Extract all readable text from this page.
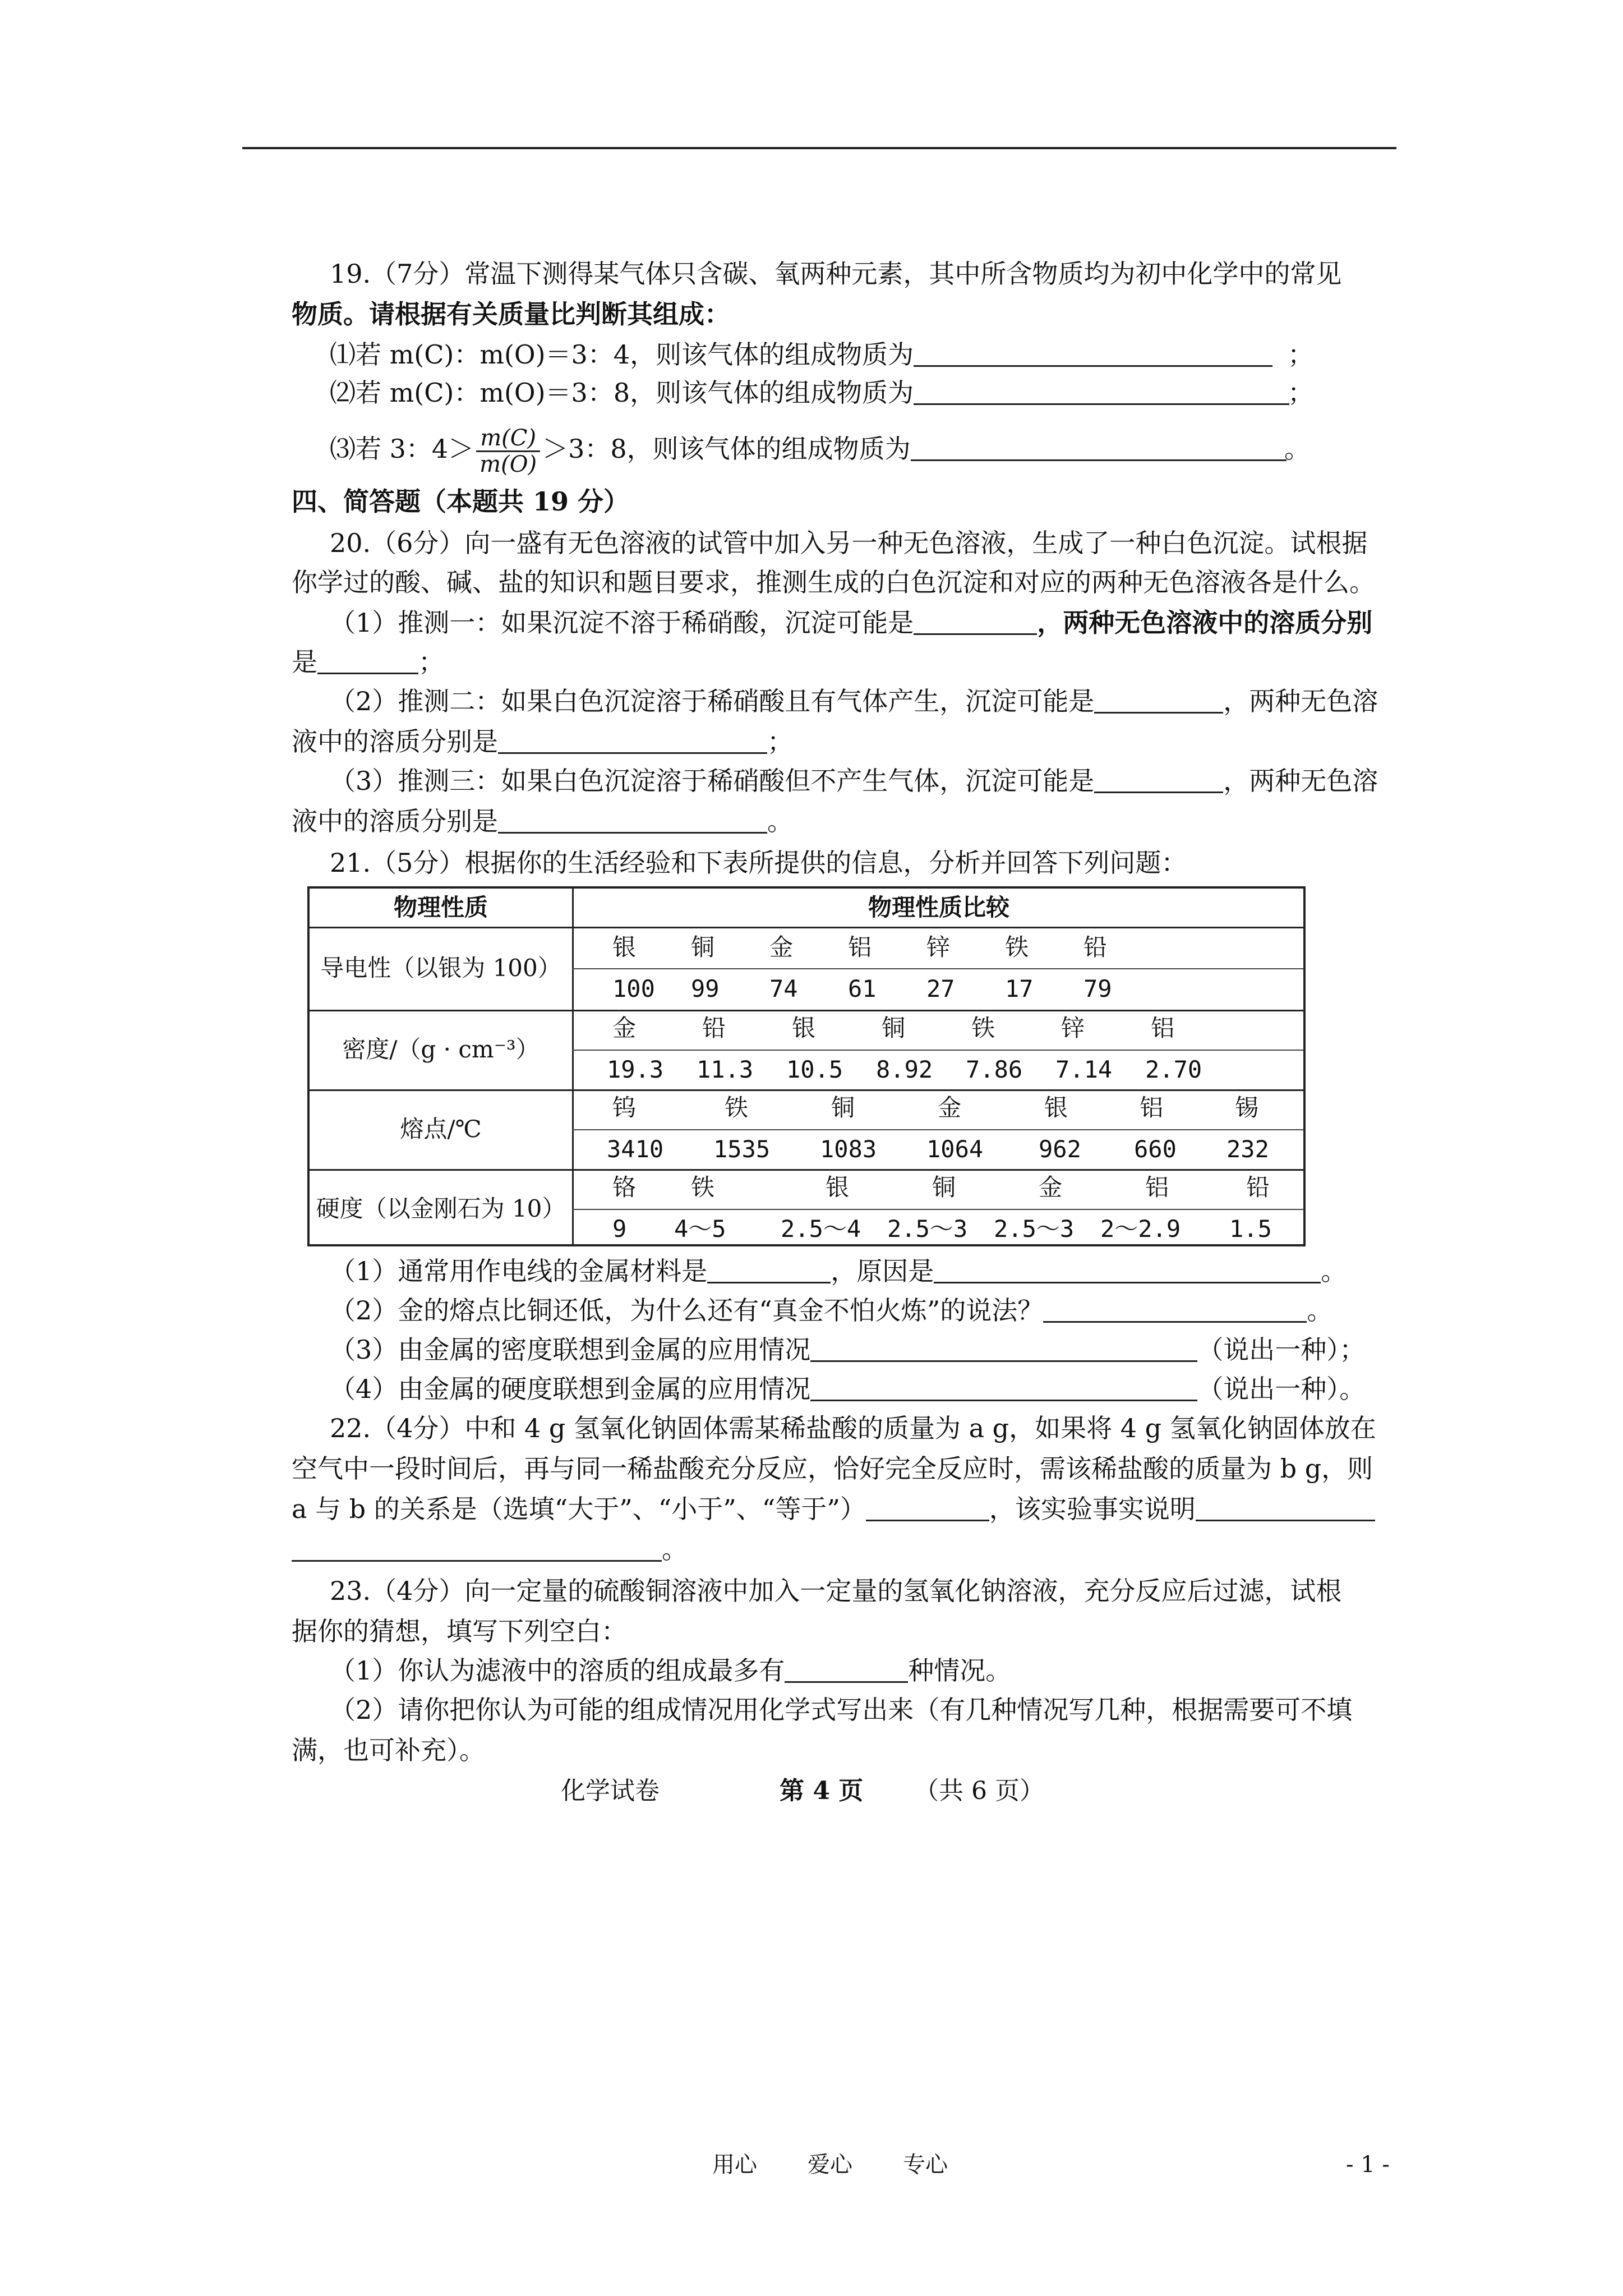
19.（7分）常温下测得某气体只含碳、氧两种元素，其中所含物质均为初中化学中的常见
物质。请根据有关质量比判断其组成：
⑴若 m(C)：m(O)＝3：4，则该气体的组成物质为	；
⑵若 m(C)：m(O)＝3：8，则该气体的组成物质为	；
⑶若 3：$4> \frac{m(C)}{m(O)} >3$：8，则该气体的组成物质为	。
四、简答题（本题共 19 分）
20.（6分）向一盛有无色溶液的试管中加入另一种无色溶液，生成了一种白色沉淀。试根据
你学过的酸、碱、盐的知识和题目要求，推测生成的白色沉淀和对应的两种无色溶液各是什么。
（1）推测一：如果沉淀不溶于稀硝酸，沉淀可能是	，两种无色溶液中的溶质分别
是	；
（2）推测二：如果白色沉淀溶于稀硝酸且有气体产生，沉淀可能是	，两种无色溶
液中的溶质分别是	；
（3）推测三：如果白色沉淀溶于稀硝酸但不产生气体，沉淀可能是	，两种无色溶
液中的溶质分别是	。
21.（5分）根据你的生活经验和下表所提供的信息，分析并回答下列问题：
物理性质	物理性质比较
导电性（以银为 100）
银 铜 金 铝 锌 铁 铅
100 99 74 61 27 17 79
密度/（g · cm⁻³）
金	铅	银	铜	铁	锌	铝
19.3 11.3 10.5 8.92 7.86 7.14 2.70
熔点/℃
钨	铁	铜	金	银	铝	锡
3410 1535 1083 1064 962 660 232
硬度（以金刚石为 10）
铬 铁	银	铜	金	铝	铅
9 4～5 2.5～4 2.5～3 2.5～3 2～2.9 1.5
（1）通常用作电线的金属材料是	，原因是	。
（2）金的熔点比铜还低，为什么还有“真金不怕火炼”的说法？	。
（3）由金属的密度联想到金属的应用情况	（说出一种）；
（4）由金属的硬度联想到金属的应用情况	（说出一种）。
22.（4分）中和 4 g 氢氧化钠固体需某稀盐酸的质量为 a g，如果将 4 g 氢氧化钠固体放在
空气中一段时间后，再与同一稀盐酸充分反应，恰好完全反应时，需该稀盐酸的质量为 b g，则
a 与 b 的关系是（选填“大于”、“小于”、“等于”）	，该实验事实说明
。
23.（4分）向一定量的硫酸铜溶液中加入一定量的氢氧化钠溶液，充分反应后过滤，试根
据你的猜想，填写下列空白：
（1）你认为滤液中的溶质的组成最多有	种情况。
（2）请你把你认为可能的组成情况用化学式写出来（有几种情况写几种，根据需要可不填
满，也可补充）。
化学试卷	第 4 页 （共 6 页）
用心 爱心 专心	- 1 -
